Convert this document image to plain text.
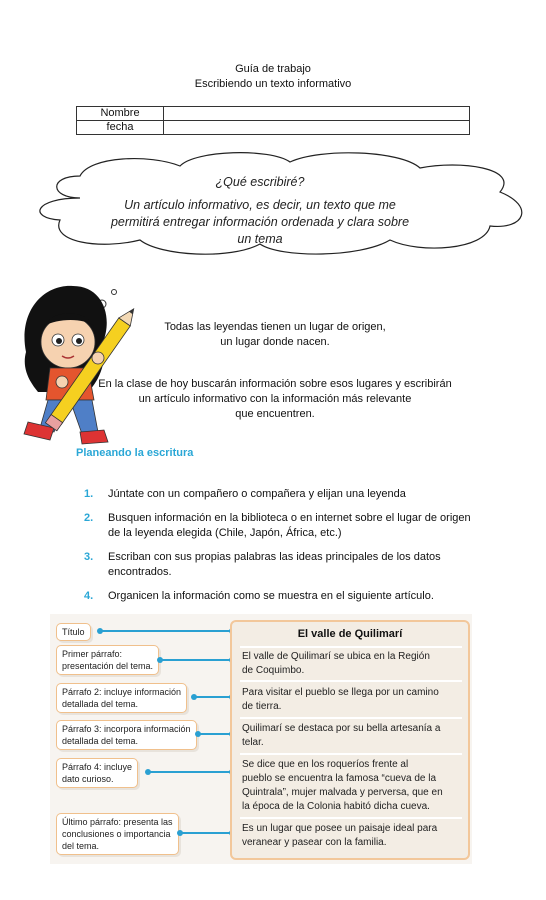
Guía de trabajo
Escribiendo un texto informativo
Nombre	
fecha	
¿Qué escribiré?
Un artículo informativo, es decir, un texto que me
permitirá entregar información ordenada y clara sobre
un tema
Todas las leyendas tienen un lugar de origen,
un lugar donde nacen.
En la clase de hoy buscarán información sobre esos lugares y escribirán
un artículo informativo con la información más relevante
que encuentren.
Planeando la escritura
1. Júntate con un compañero o compañera y elijan una leyenda
2. Busquen información en la biblioteca o en internet sobre el lugar de origen
de la leyenda elegida (Chile, Japón, África, etc.)
3. Escriban con sus propias palabras las ideas principales de los datos
encontrados.
4. Organicen la información como se muestra en el siguiente artículo.
Título
Primer párrafo:
presentación del tema.
Párrafo 2: incluye información
detallada del tema.
Párrafo 3: incorpora información
detallada del tema.
Párrafo 4: incluye
dato curioso.
Último párrafo: presenta las
conclusiones o importancia
del tema.
El valle de Quilimarí
El valle de Quilimarí se ubica en la Región
de Coquimbo.
Para visitar el pueblo se llega por un camino
de tierra.
Quilimarí se destaca por su bella artesanía a
telar.
Se dice que en los roqueríos frente al
pueblo se encuentra la famosa “cueva de la
Quintrala”, mujer malvada y perversa, que en
la época de la Colonia habitó dicha cueva.
Es un lugar que posee un paisaje ideal para
veranear y pasear con la familia.
